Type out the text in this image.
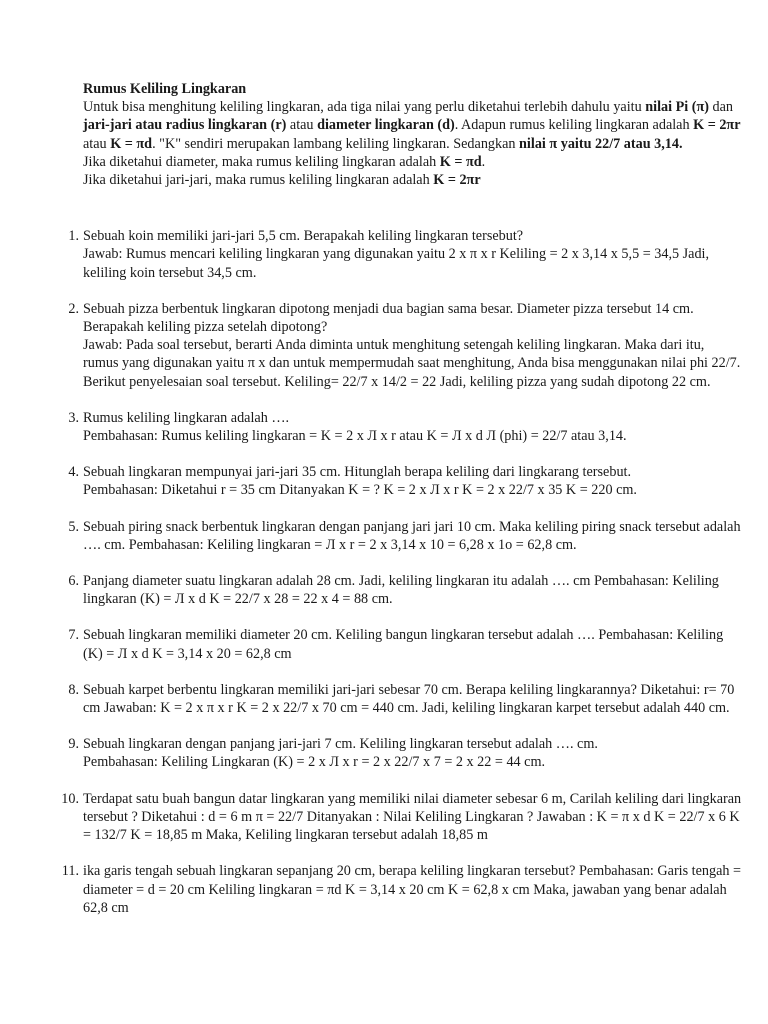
Rumus Keliling Lingkaran

Untuk bisa menghitung keliling lingkaran, ada tiga nilai yang perlu diketahui terlebih dahulu yaitu nilai Pi (π) dan jari-jari atau radius lingkaran (r) atau diameter lingkaran (d). Adapun rumus keliling lingkaran adalah K = 2πr atau K = πd. "K" sendiri merupakan lambang keliling lingkaran. Sedangkan nilai π yaitu 22/7 atau 3,14.

Jika diketahui diameter, maka rumus keliling lingkaran adalah K = πd.

Jika diketahui jari-jari, maka rumus keliling lingkaran adalah K = 2πr

1. Sebuah koin memiliki jari-jari 5,5 cm. Berapakah keliling lingkaran tersebut?
Jawab: Rumus mencari keliling lingkaran yang digunakan yaitu 2 x π x r Keliling = 2 x 3,14 x 5,5 = 34,5 Jadi, keliling koin tersebut 34,5 cm.
2. Sebuah pizza berbentuk lingkaran dipotong menjadi dua bagian sama besar. Diameter pizza tersebut 14 cm. Berapakah keliling pizza setelah dipotong?
Jawab: Pada soal tersebut, berarti Anda diminta untuk menghitung setengah keliling lingkaran. Maka dari itu, rumus yang digunakan yaitu π x dan untuk mempermudah saat menghitung, Anda bisa menggunakan nilai phi 22/7. Berikut penyelesaian soal tersebut. Keliling= 22/7 x 14/2 = 22 Jadi, keliling pizza yang sudah dipotong 22 cm.
3. Rumus keliling lingkaran adalah ….
Pembahasan: Rumus keliling lingkaran = K = 2 x Л x r atau K = Л x d Л (phi) = 22/7 atau 3,14.
4. Sebuah lingkaran mempunyai jari-jari 35 cm. Hitunglah berapa keliling dari lingkarang tersebut.
Pembahasan: Diketahui r = 35 cm Ditanyakan K = ? K = 2 x Л x r K = 2 x 22/7 x 35 K = 220 cm.
5. Sebuah piring snack berbentuk lingkaran dengan panjang jari jari 10 cm. Maka keliling piring snack tersebut adalah …. cm. Pembahasan: Keliling lingkaran = Л x r = 2 x 3,14 x 10 = 6,28 x 1o = 62,8 cm.
6. Panjang diameter suatu lingkaran adalah 28 cm. Jadi, keliling lingkaran itu adalah …. cm Pembahasan: Keliling lingkaran (K) = Л x d K = 22/7 x 28 = 22 x 4 = 88 cm.
7. Sebuah lingkaran memiliki diameter 20 cm. Keliling bangun lingkaran tersebut adalah …. Pembahasan: Keliling (K) = Л x d K = 3,14 x 20 = 62,8 cm
8. Sebuah karpet berbentu lingkaran memiliki jari-jari sebesar 70 cm. Berapa keliling lingkarannya? Diketahui: r= 70 cm Jawaban: K = 2 x π x r K = 2 x 22/7 x 70 cm = 440 cm. Jadi, keliling lingkaran karpet tersebut adalah 440 cm.
9. Sebuah lingkaran dengan panjang jari-jari 7 cm. Keliling lingkaran tersebut adalah …. cm.
Pembahasan: Keliling Lingkaran (K) = 2 x Л x r = 2 x 22/7 x 7 = 2 x 22 = 44 cm.
10. Terdapat satu buah bangun datar lingkaran yang memiliki nilai diameter sebesar 6 m, Carilah keliling dari lingkaran tersebut ? Diketahui : d = 6 m π = 22/7 Ditanyakan : Nilai Keliling Lingkaran ? Jawaban : K = π x d K = 22/7 x 6 K = 132/7 K = 18,85 m Maka, Keliling lingkaran tersebut adalah 18,85 m
11. ika garis tengah sebuah lingkaran sepanjang 20 cm, berapa keliling lingkaran tersebut? Pembahasan: Garis tengah = diameter = d = 20 cm Keliling lingkaran = πd K = 3,14 x 20 cm K = 62,8 x cm Maka, jawaban yang benar adalah 62,8 cm
